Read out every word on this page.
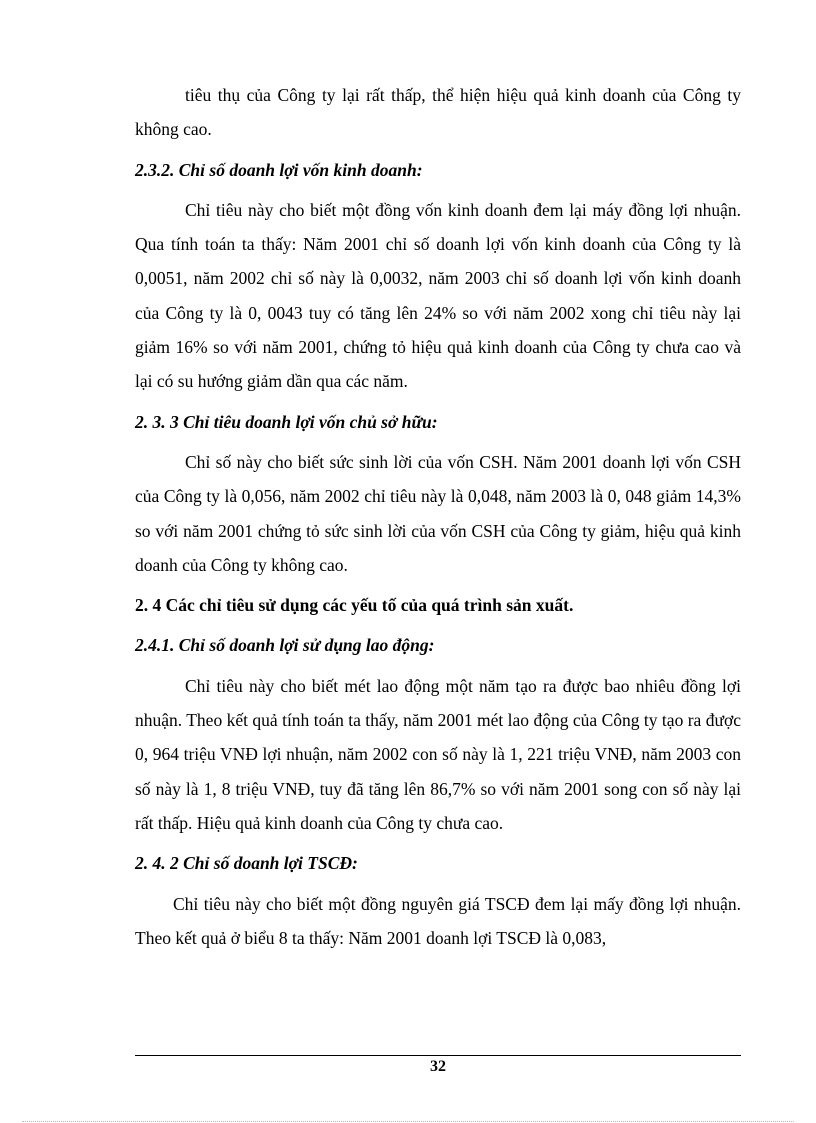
tiêu thụ của Công ty lại rất thấp, thể hiện hiệu quả kinh doanh của Công ty không cao.

2.3.2. Chỉ số doanh lợi vốn kinh doanh:

Chỉ tiêu này cho biết một đồng vốn kinh doanh đem lại máy đồng lợi nhuận. Qua tính toán ta thấy: Năm 2001 chỉ số doanh lợi vốn kinh doanh của Công ty là 0,0051, năm 2002 chỉ số này là 0,0032, năm 2003 chỉ số doanh lợi vốn kinh doanh của Công ty là 0, 0043 tuy có tăng lên 24% so với năm 2002 xong chỉ tiêu này lại giảm 16% so với năm 2001, chứng tỏ hiệu quả kinh doanh của Công ty chưa cao và lại có su hướng giảm dần qua các năm.

2. 3. 3 Chỉ tiêu doanh lợi vốn chủ sở hữu:

Chỉ số này cho biết sức sinh lời của vốn CSH. Năm 2001 doanh lợi vốn CSH của Công ty là 0,056, năm 2002 chỉ tiêu này là 0,048, năm 2003 là 0, 048 giảm 14,3% so với năm 2001 chứng tỏ sức sinh lời của vốn CSH của Công ty giảm, hiệu quả kinh doanh của Công ty không cao.

2. 4 Các chỉ tiêu sử dụng các yếu tố của quá trình sản xuất.

2.4.1. Chỉ số doanh lợi sử dụng lao động:

Chỉ tiêu này cho biết mét lao động một năm tạo ra được bao nhiêu đồng lợi nhuận. Theo kết quả tính toán ta thấy, năm 2001 mét lao động của Công ty tạo ra được 0, 964 triệu VNĐ lợi nhuận, năm 2002 con số này là 1, 221 triệu VNĐ, năm 2003 con số này là 1, 8 triệu VNĐ, tuy đã tăng lên 86,7% so với năm 2001 song con số này lại rất thấp. Hiệu quả kinh doanh của Công ty chưa cao.

2. 4. 2 Chỉ số doanh lợi TSCĐ:

Chỉ tiêu này cho biết một đồng nguyên giá TSCĐ đem lại mấy đồng lợi nhuận. Theo kết quả ở biểu 8 ta thấy: Năm 2001 doanh lợi TSCĐ là 0,083,

32
